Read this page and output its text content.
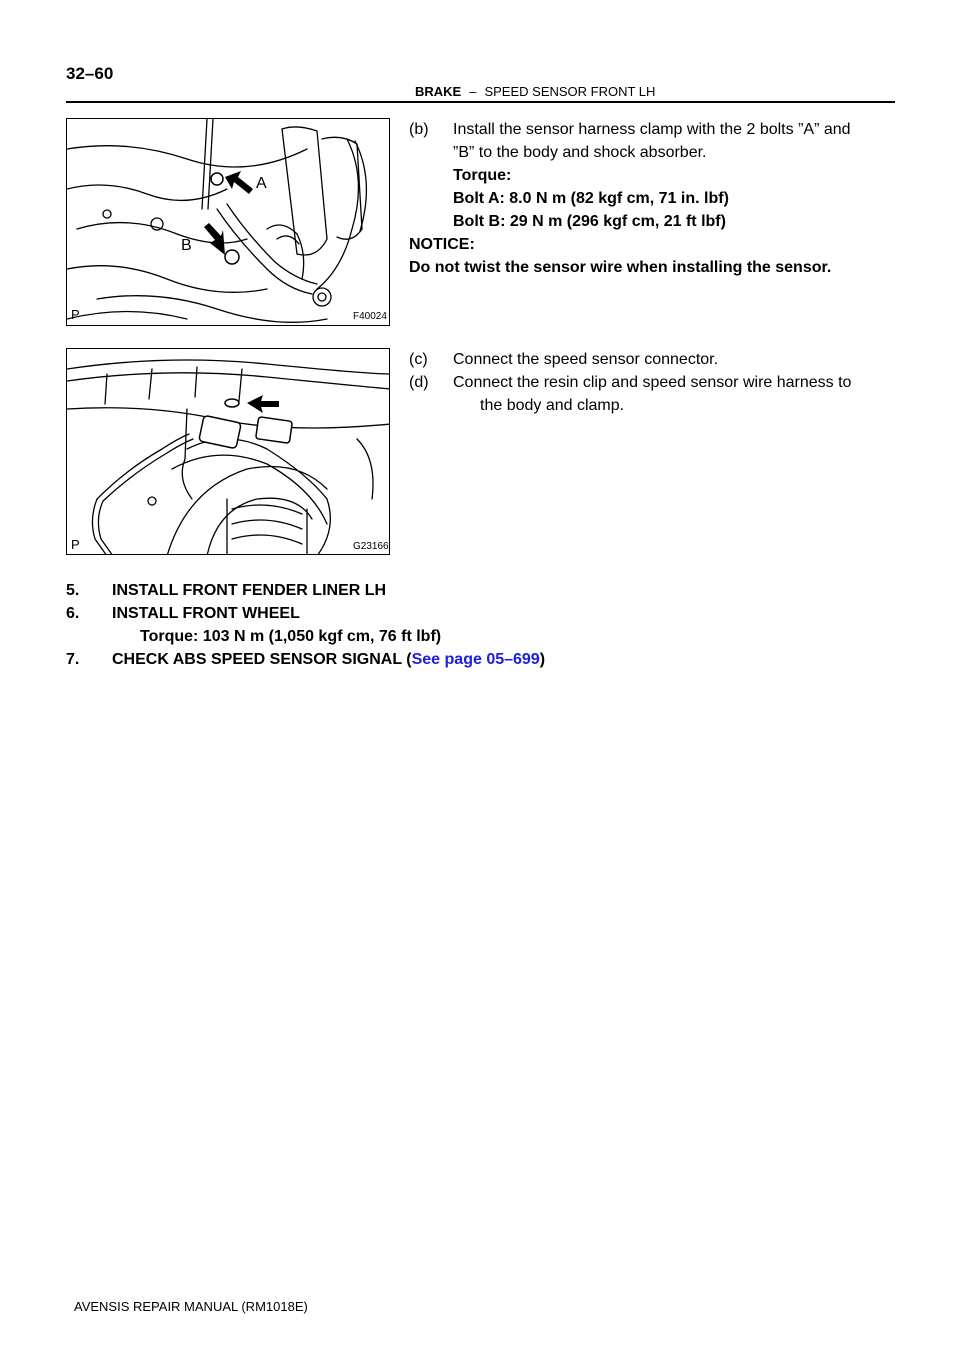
32–60
BRAKE – SPEED SENSOR FRONT LH
A
B
P	F40024
P	G23166
(b) Install the sensor harness clamp with the 2 bolts ”A” and
”B” to the body and shock absorber.
Torque:
Bolt A: 8.0 N m (82 kgf cm, 71 in. lbf)
Bolt B: 29 N m (296 kgf cm, 21 ft lbf)
NOTICE:
Do not twist the sensor wire when installing the sensor.
(c) Connect the speed sensor connector.
(d) Connect the resin clip and speed sensor wire harness to
the body and clamp.
5. INSTALL FRONT FENDER LINER LH
6. INSTALL FRONT WHEEL
Torque: 103 N m (1,050 kgf cm, 76 ft lbf)
7. CHECK ABS SPEED SENSOR SIGNAL (See page 05–699)
AVENSIS REPAIR MANUAL (RM1018E)
